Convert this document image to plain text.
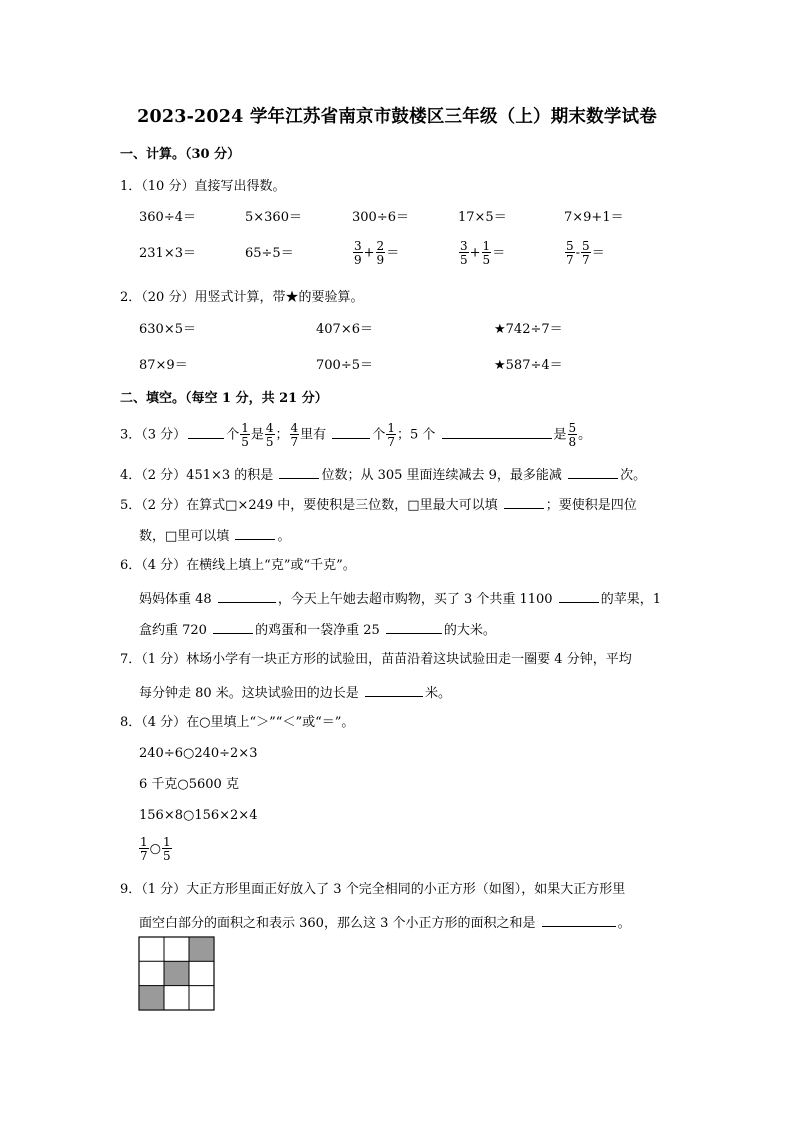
2023-2024 学年江苏省南京市鼓楼区三年级（上）期末数学试卷
一、计算。（30 分）
1．（10 分）直接写出得数。
360÷4＝	5×360＝	300÷6＝	17×5＝	7×9+1＝
231×3＝	65÷5＝	$\frac{3}{9} + \frac{2}{9}$ ＝	$\frac{3}{5} + \frac{1}{5}$ ＝	$\frac{5}{7} - \frac{5}{7}$ ＝
2．（20 分）用竖式计算，带★的要验算。
630×5＝	407×6＝	★742÷7＝
87×9＝	700÷5＝	★587÷4＝
二、填空。（每空 1 分，共 21 分）
3．（3 分）	个 $\frac{1}{5}$ 是 $\frac{4}{5}$ ； $\frac{4}{7}$ 里有	个 $\frac{1}{7}$ ；5 个	是 $\frac{5}{8}$ 。
4．（2 分）451×3 的积是	位数；从 305 里面连续减去 9，最多能减	次。
5．（2 分）在算式□×249 中，要使积是三位数，□里最大可以填	；要使积是四位
数，□里可以填	。
6．（4 分）在横线上填上“克”或“千克”。
妈妈体重 48	，今天上午她去超市购物，买了 3 个共重 1100	的苹果，1
盒约重 720	的鸡蛋和一袋净重 25	的大米。
7．（1 分）林场小学有一块正方形的试验田，苗苗沿着这块试验田走一圈要 4 分钟，平均
每分钟走 80 米。这块试验田的边长是	米。
8．（4 分）在○里填上“＞”“＜”或“＝”。
240÷6○240÷2×3
6 千克○5600 克
156×8○156×2×4
$\frac{1}{7}$ ○ $\frac{1}{5}$
9．（1 分）大正方形里面正好放入了 3 个完全相同的小正方形（如图），如果大正方形里
面空白部分的面积之和表示 360，那么这 3 个小正方形的面积之和是	。
